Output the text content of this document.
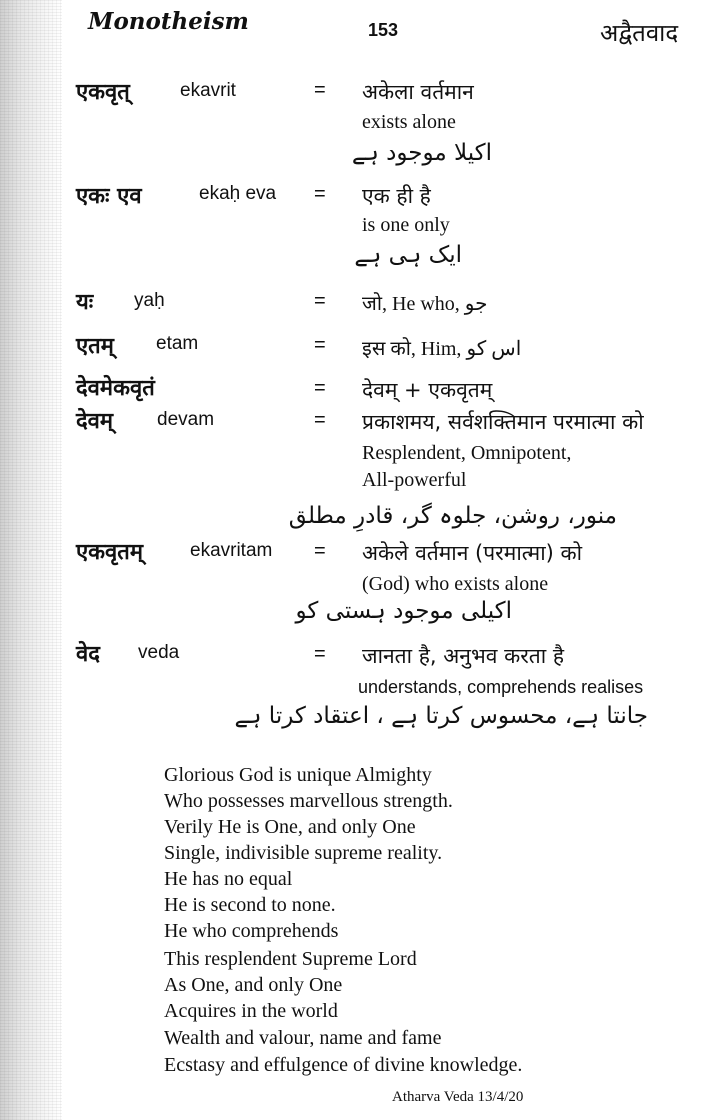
Monotheism	153	अद्वैतवाद
एकवृत्	ekavrit	= अकेला वर्तमान
exists alone
اکیلا موجود ہے
एकः एव	ekaḥ eva = एक ही है
is one only
ایک ہی ہے
यः yaḥ	= जो, He who, جو
एतम् etam	= इस को, Him, اس کو
देवमेकवृतं	= देवम् + एकवृतम्
देवम् devam	= प्रकाशमय, सर्वशक्तिमान परमात्मा को
Resplendent, Omnipotent,
All-powerful
منور، روشن، جلوہ گر، قادرِ مطلق
एकवृतम् ekavritam = अकेले वर्तमान (परमात्मा) को
(God) who exists alone
اکیلی موجود ہستی کو
वेद veda	= जानता है, अनुभव करता है
understands, comprehends realises
جانتا ہے، محسوس کرتا ہے ، اعتقاد کرتا ہے
Glorious God is unique Almighty
Who possesses marvellous strength.
Verily He is One, and only One
Single, indivisible supreme reality.
He has no equal
He is second to none.
He who comprehends
This resplendent Supreme Lord
As One, and only One
Acquires in the world
Wealth and valour, name and fame
Ecstasy and effulgence of divine knowledge.
Atharva Veda 13/4/20
